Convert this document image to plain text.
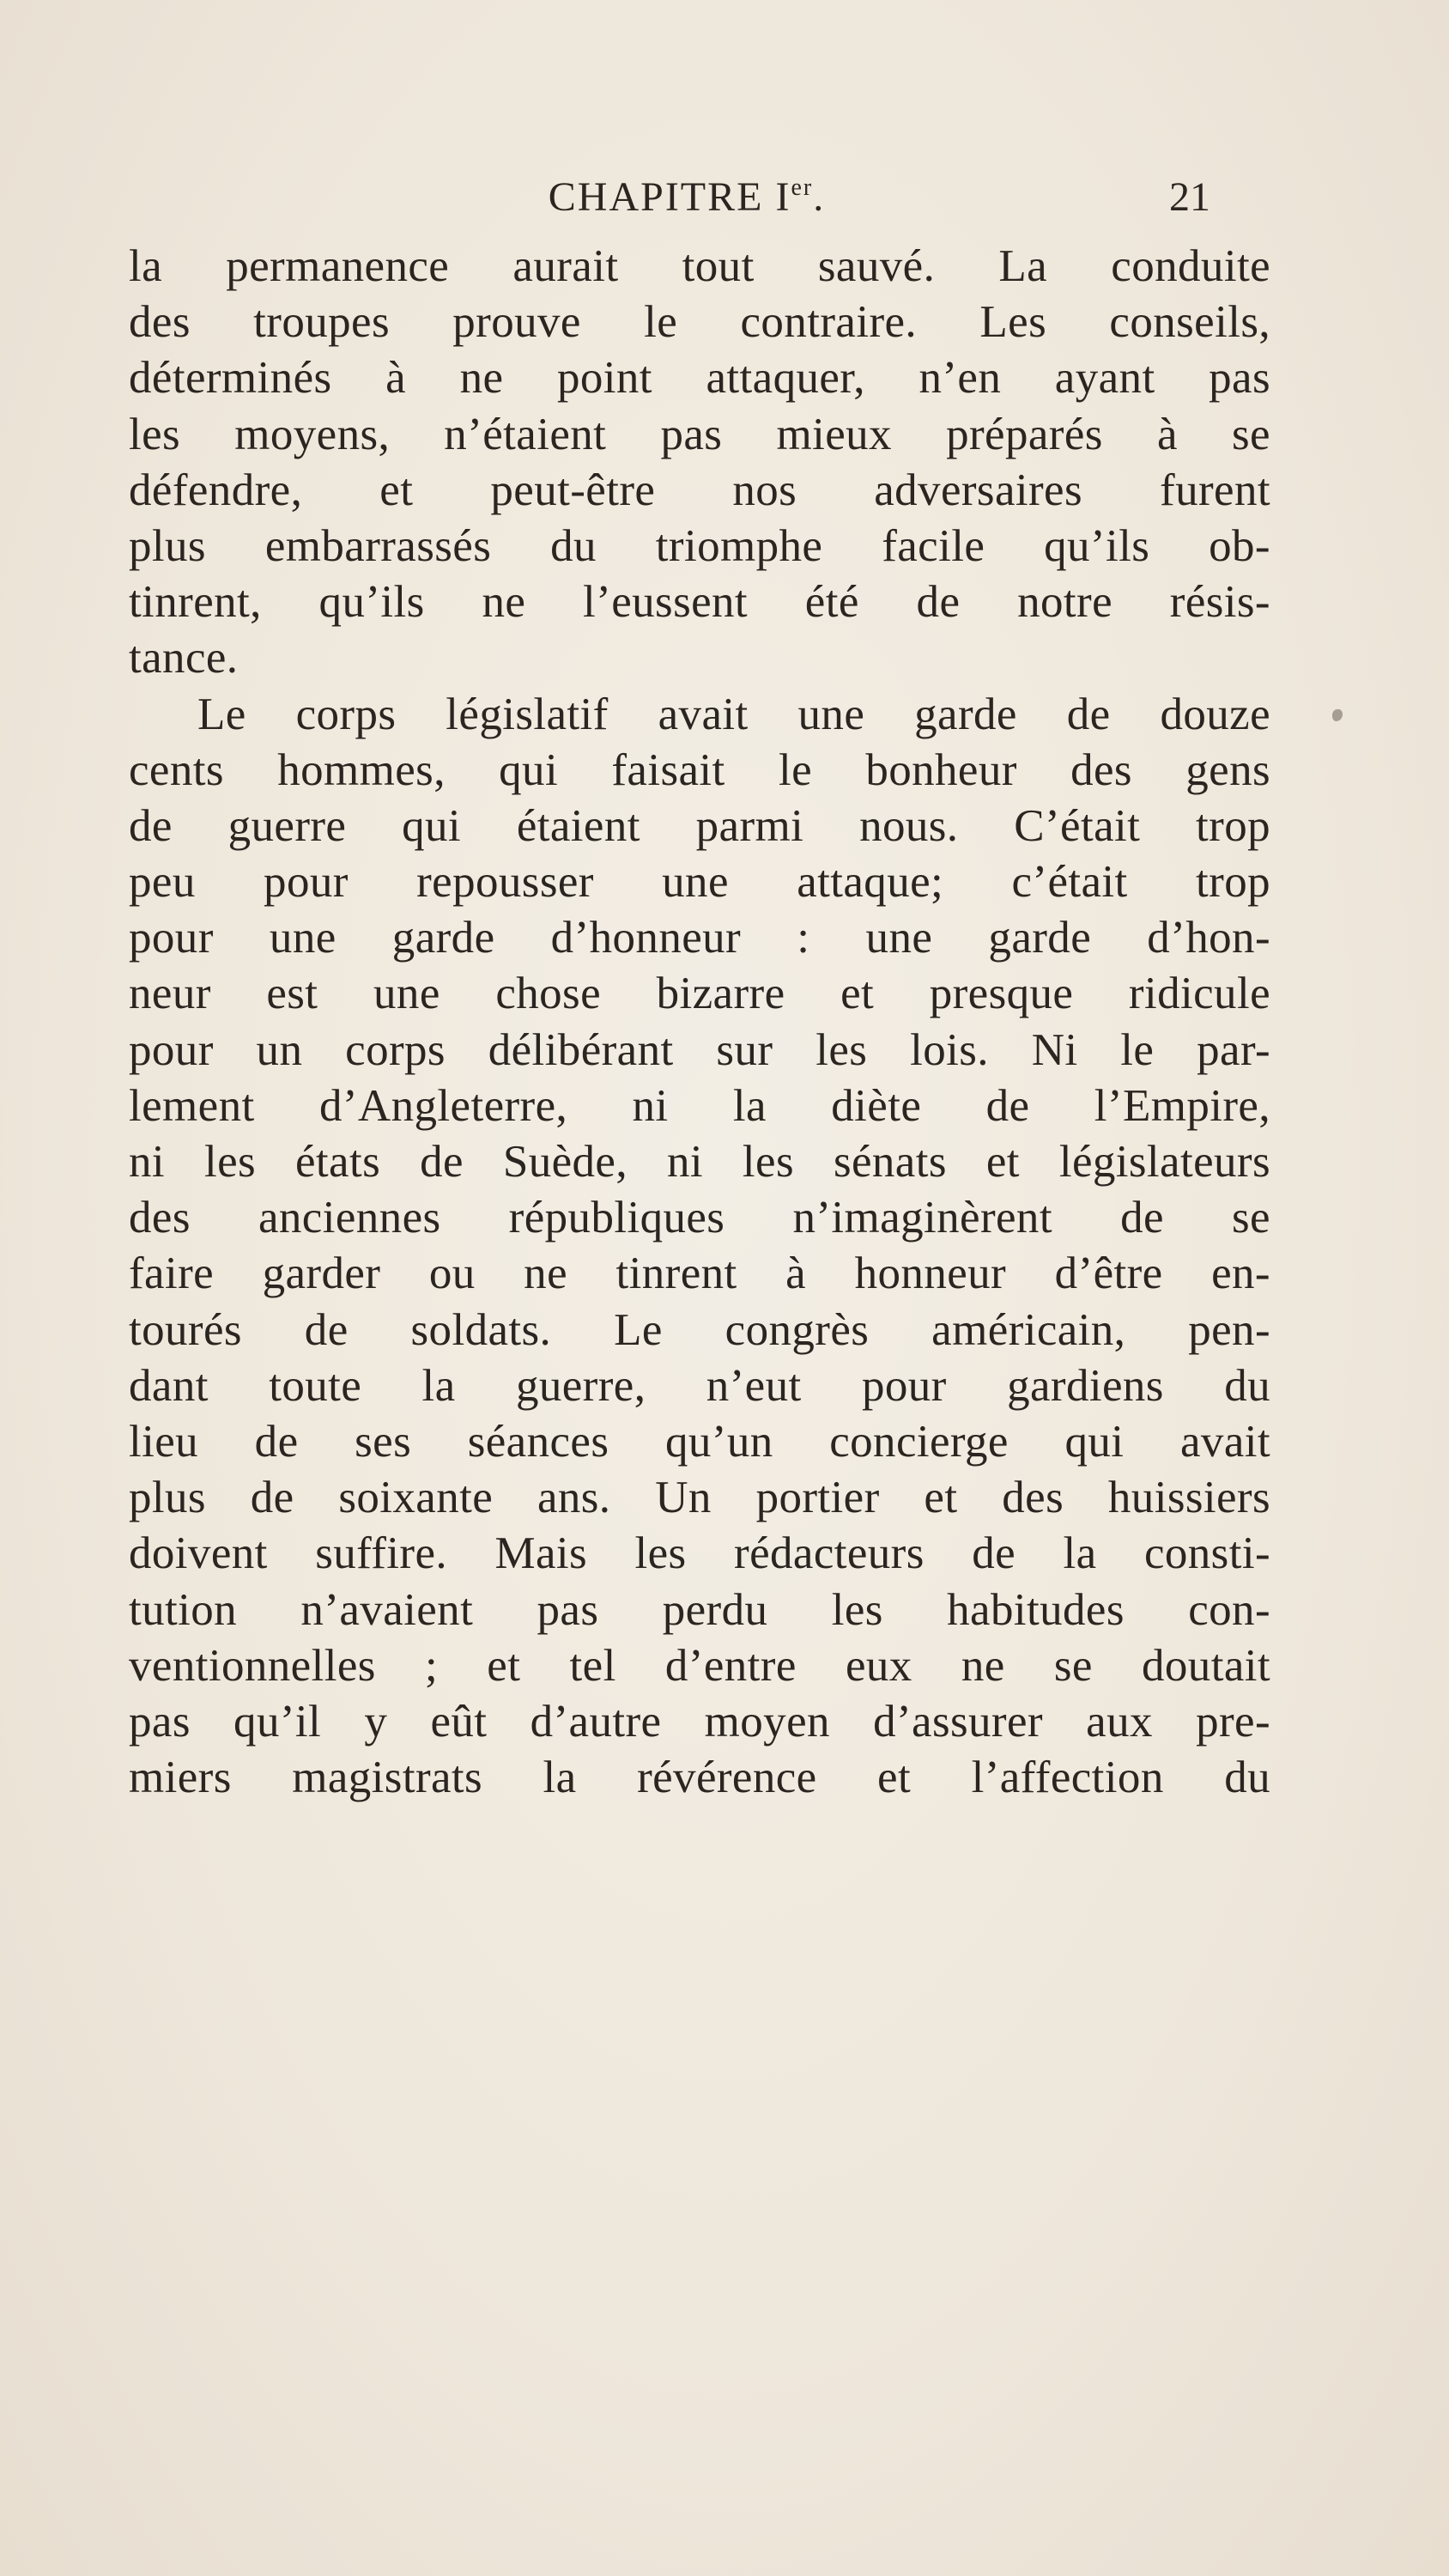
CHAPITRE Ier.	21
la permanence aurait tout sauvé. La conduite
des troupes prouve le contraire. Les conseils,
déterminés à ne point attaquer, n’en ayant pas
les moyens, n’étaient pas mieux préparés à se
défendre, et peut-être nos adversaires furent
plus embarrassés du triomphe facile qu’ils ob-
tinrent, qu’ils ne l’eussent été de notre résis-
tance.
Le corps législatif avait une garde de douze
cents hommes, qui faisait le bonheur des gens
de guerre qui étaient parmi nous. C’était trop
peu pour repousser une attaque; c’était trop
pour une garde d’honneur : une garde d’hon-
neur est une chose bizarre et presque ridicule
pour un corps délibérant sur les lois. Ni le par-
lement d’Angleterre, ni la diète de l’Empire,
ni les états de Suède, ni les sénats et législateurs
des anciennes républiques n’imaginèrent de se
faire garder ou ne tinrent à honneur d’être en-
tourés de soldats. Le congrès américain, pen-
dant toute la guerre, n’eut pour gardiens du
lieu de ses séances qu’un concierge qui avait
plus de soixante ans. Un portier et des huissiers
doivent suffire. Mais les rédacteurs de la consti-
tution n’avaient pas perdu les habitudes con-
ventionnelles ; et tel d’entre eux ne se doutait
pas qu’il y eût d’autre moyen d’assurer aux pre-
miers magistrats la révérence et l’affection du
